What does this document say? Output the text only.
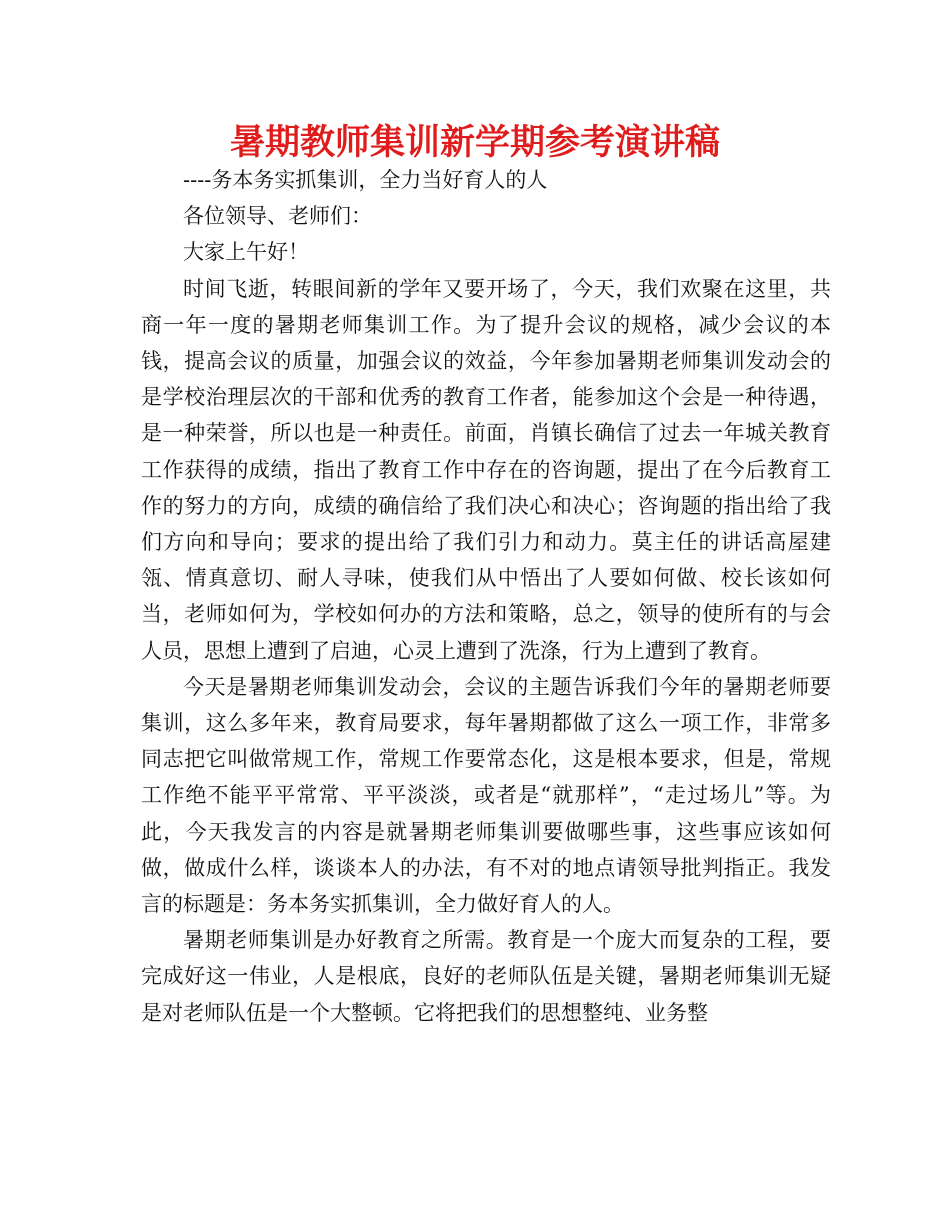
暑期教师集训新学期参考演讲稿

----务本务实抓集训，全力当好育人的人

各位领导、老师们：

大家上午好！

时间飞逝，转眼间新的学年又要开场了，今天，我们欢聚在这里，共商一年一度的暑期老师集训工作。为了提升会议的规格，减少会议的本钱，提高会议的质量，加强会议的效益，今年参加暑期老师集训发动会的是学校治理层次的干部和优秀的教育工作者，能参加这个会是一种待遇，是一种荣誉，所以也是一种责任。前面，肖镇长确信了过去一年城关教育工作获得的成绩，指出了教育工作中存在的咨询题，提出了在今后教育工作的努力的方向，成绩的确信给了我们决心和决心；咨询题的指出给了我们方向和导向；要求的提出给了我们引力和动力。莫主任的讲话高屋建瓴、情真意切、耐人寻味，使我们从中悟出了人要如何做、校长该如何当，老师如何为，学校如何办的方法和策略，总之，领导的使所有的与会人员，思想上遭到了启迪，心灵上遭到了洗涤，行为上遭到了教育。

今天是暑期老师集训发动会，会议的主题告诉我们今年的暑期老师要集训，这么多年来，教育局要求，每年暑期都做了这么一项工作，非常多同志把它叫做常规工作，常规工作要常态化，这是根本要求，但是，常规工作绝不能平平常常、平平淡淡，或者是“就那样”，“走过场儿”等。为此，今天我发言的内容是就暑期老师集训要做哪些事，这些事应该如何做，做成什么样，谈谈本人的办法，有不对的地点请领导批判指正。我发言的标题是：务本务实抓集训，全力做好育人的人。

暑期老师集训是办好教育之所需。教育是一个庞大而复杂的工程，要完成好这一伟业，人是根底，良好的老师队伍是关键，暑期老师集训无疑是对老师队伍是一个大整顿。它将把我们的思想整纯、业务整
